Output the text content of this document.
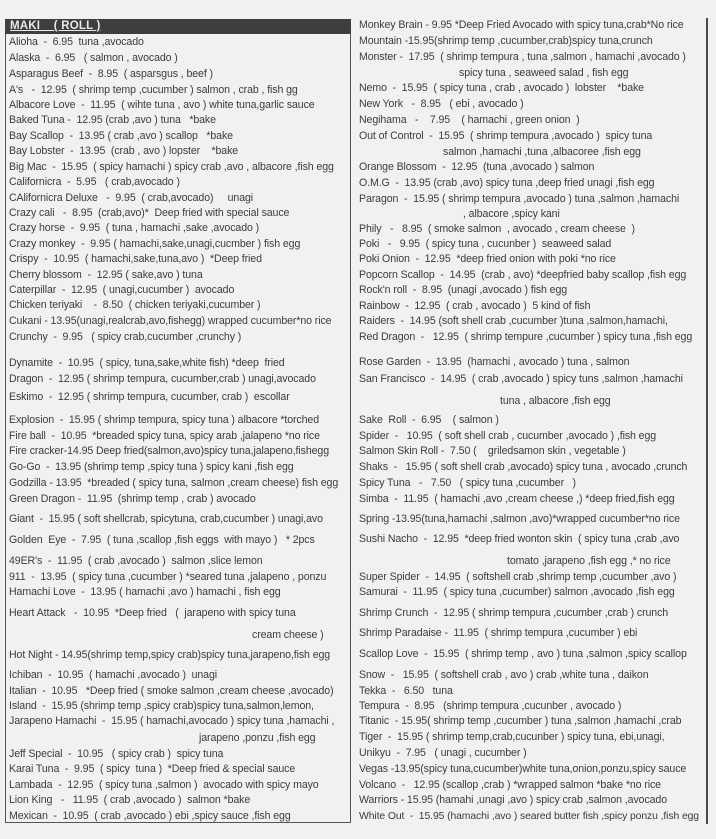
MAKI    ( ROLL )
Alioha  -  6.95  tuna ,avocado
Alaska  -  6.95   ( salmon , avocado )
Asparagus Beef  -  8.95  ( asparsgus , beef )
A's   -  12.95  ( shrimp temp ,cucumber ) salmon , crab , fish gg
Albacore Love  -  11.95  ( wihte tuna , avo ) white tuna,garlic sauce
Baked Tuna -  12.95 (crab ,avo ) tuna   *bake
Bay Scallop  -  13.95 ( crab ,avo ) scallop   *bake
Bay Lobster  -  13.95  (crab , avo ) lopster    *bake
Big Mac  -  15.95  ( spicy hamachi ) spicy crab ,avo , albacore ,fish egg
Californicra  -  5.95   ( crab,avocado )
CAlifornicra Deluxe   -  9.95  ( crab,avocado)     unagi
Crazy cali   -  8.95  (crab,avo)*  Deep fried with special sauce
Crazy horse  -  9.95  ( tuna , hamachi ,sake ,avocado )
Crazy monkey  -  9.95 ( hamachi,sake,unagi,cucmber ) fish egg
Crispy  -  10.95  ( hamachi,sake,tuna,avo )  *Deep fried
Cherry blossom  -  12.95 ( sake,avo ) tuna
Caterpillar  -  12.95  ( unagi,cucumber )  avocado
Chicken teriyaki    -  8.50  ( chicken teriyaki,cucumber )
Cukani - 13.95(unagi,realcrab,avo,fishegg) wrapped cucumber*no rice
Crunchy  -  9.95   ( spicy crab,cucumber ,crunchy )
Dynamite  -  10.95  ( spicy, tuna,sake,white fish) *deep  fried
Dragon  -  12.95 ( shrimp tempura, cucumber,crab ) unagi,avocado
Eskimo  -  12.95 ( shrimp tempura, cucumber, crab )  escollar
Explosion  -  15.95 ( shrimp tempura, spicy tuna ) albacore *torched
Fire ball  -  10.95  *breaded spicy tuna, spicy arab ,jalapeno *no rice
Fire cracker-14.95 Deep fried(salmon,avo)spicy tuna,jalapeno,fishegg
Go-Go  -  13.95 (shrimp temp ,spicy tuna ) spicy kani ,fish egg
Godzilla - 13.95  *breaded ( spicy tuna, salmon ,cream cheese) fish egg
Green Dragon -  11.95  (shrimp temp , crab ) avocado
Giant  -  15.95 ( soft shellcrab, spicytuna, crab,cucumber ) unagi,avo
Golden  Eye  -  7.95  ( tuna ,scallop ,fish eggs  with mayo )   * 2pcs
49ER's  -  11.95  ( crab ,avocado )  salmon ,slice lemon
911  -  13.95  ( spicy tuna ,cucumber ) *seared tuna ,jalapeno , ponzu
Hamachi Love  -  13.95 ( hamachi ,avo ) hamachi , fish egg
Heart Attack   -  10.95  *Deep fried   (  jarapeno with spicy tuna
cream cheese )
Hot Night - 14.95(shrimp temp,spicy crab)spicy tuna,jarapeno,fish egg
Ichiban  -  10.95  ( hamachi ,avocado )  unagi
Italian  -  10.95   *Deep fried ( smoke salmon ,cream cheese ,avocado)
Island  -  15.95 (shrimp temp ,spicy crab)spicy tuna,salmon,lemon,
Jarapeno Hamachi  -  15.95 ( hamachi,avocado ) spicy tuna ,hamachi ,
jarapeno ,ponzu ,fish egg
Jeff Special  -  10.95   ( spicy crab )  spicy tuna
Karai Tuna  -  9.95  ( spicy  tuna )  *Deep fried & special sauce
Lambada  -  12.95  ( spicy tuna ,salmon )  avocado with spicy mayo
Lion King   -   11.95  ( crab ,avocado )  salmon *bake
Mexican  -  10.95  ( crab ,avocado ) ebi ,spicy sauce ,fish egg
Monkey Brain - 9.95 *Deep Fried Avocado with spicy tuna,crab*No rice
Mountain -15.95(shrimp temp ,cucumber,crab)spicy tuna,crunch
Monster -  17.95  ( shrimp tempura , tuna ,salmon , hamachi ,avocado )
spicy tuna , seaweed salad , fish egg
Nemo  -  15.95  ( spicy tuna , crab , avocado )  lobster    *bake
New York   -  8.95   ( ebi , avocado )
Negihama   -    7.95    ( hamachi , green onion  )
Out of Control  -  15.95  ( shrimp tempura ,avocado )  spicy tuna
salmon ,hamachi ,tuna ,albacoree ,fish egg
Orange Blossom  -  12.95  (tuna ,avocado ) salmon
O.M.G  -  13.95 (crab ,avo) spicy tuna ,deep fried unagi ,fish egg
Paragon  -  15.95 ( shrimp tempura ,avocado ) tuna ,salmon ,hamachi
, albacore ,spicy kani
Phily   -   8.95  ( smoke salmon  , avocado , cream cheese  )
Poki   -   9.95  ( spicy tuna , cucunber )  seaweed salad
Poki Onion  -  12.95  *deep fried onion with poki *no rice
Popcorn Scallop  -  14.95  (crab , avo) *deepfried baby scallop ,fish egg
Rock'n roll  -  8.95  (unagi ,avocado ) fish egg
Rainbow  -  12.95  ( crab , avocado )  5 kind of fish
Raiders  -  14.95 (soft shell crab ,cucumber )tuna ,salmon,hamachi,
Red Dragon  -   12.95  ( shrimp tempure ,cucumber ) spicy tuna ,fish egg
Rose Garden  -  13.95  (hamachi , avocado ) tuna , salmon
San Francisco  -  14.95  ( crab ,avocado ) spicy tuns ,salmon ,hamachi
tuna , albacore ,fish egg
Sake  Roll  -  6.95    ( salmon )
Spider  -   10.95  ( soft shell crab , cucumber ,avocado ) ,fish egg
Salmon Skin Roll -  7.50 (    griledsamon skin , vegetable )
Shaks  -   15.95 ( soft shell crab ,avocado) spicy tuna , avocado ,crunch
Spicy Tuna   -   7.50   ( spicy tuna ,cucumber   )
Simba  -  11.95  ( hamachi ,avo ,cream cheese ,) *deep fried,fish egg
Spring -13.95(tuna,hamachi ,salmon ,avo)*wrapped cucumber*no rice
Sushi Nacho  -  12.95  *deep fried wonton skin  ( spicy tuna ,crab ,avo
tomato ,jarapeno ,fish egg ,* no rice
Super Spider  -  14.95  ( softshell crab ,shrimp temp ,cucumber ,avo )
Samurai  -  11.95  ( spicy tuna ,cucumber) salmon ,avocado ,fish egg
Shrimp Crunch  -  12.95 ( shrimp tempura ,cucumber ,crab ) crunch
Shrimp Paradaise -  11.95  ( shrimp tempura ,cucumber ) ebi
Scallop Love  -  15.95  ( shrimp temp , avo ) tuna ,salmon ,spicy scallop
Snow  -   15.95  ( softshell crab , avo ) crab ,white tuna , daikon
Tekka  -   6.50   tuna
Tempura  -  8.95   (shrimp tempura ,cucunber , avocado )
Titanic  - 15.95( shrimp temp ,cucumber ) tuna ,salmon ,hamachi ,crab
Tiger  -  15.95 ( shrimp temp,crab,cucunber ) spicy tuna, ebi,unagi,
Unikyu  -  7.95   ( unagi , cucumber )
Vegas -13.95(spicy tuna,cucumber)white tuna,onion,ponzu,spicy sauce
Volcano  -   12.95 (scallop ,crab ) *wrapped salmon *bake *no rice
Warriors - 15.95 (hamahi ,unagi ,avo ) spicy crab ,salmon ,avocado
White Out  -  15.95 (hamachi ,avo ) seared butter fish ,spicy ponzu ,fish egg
